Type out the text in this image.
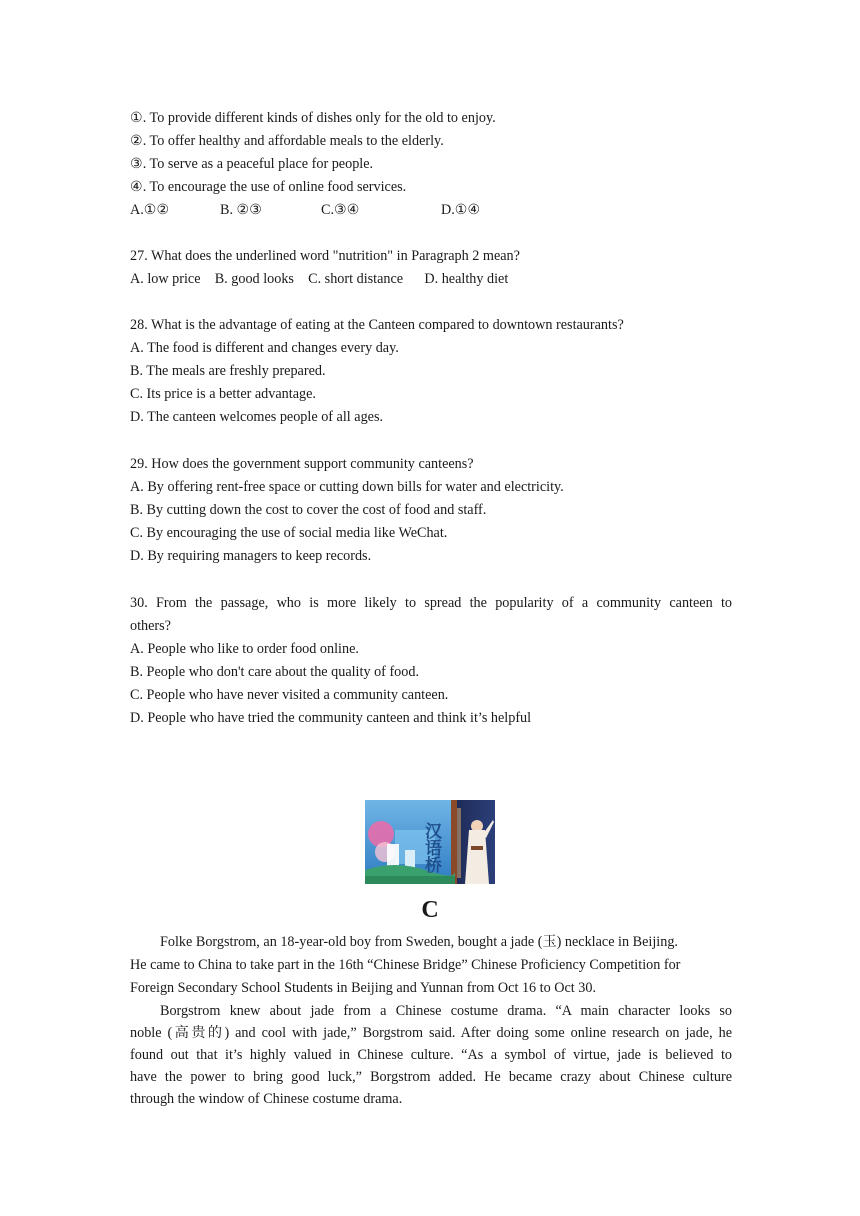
①. To provide different kinds of dishes only for the old to enjoy.
②. To offer healthy and affordable meals to the elderly.
③. To serve as a peaceful place for people.
④. To encourage the use of online food services.
A.①②	B. ②③	C.③④	D.①④
27. What does the underlined word "nutrition" in Paragraph 2 mean?
A. low price    B. good looks    C. short distance      D. healthy diet
28. What is the advantage of eating at the Canteen compared to downtown restaurants?
A. The food is different and changes every day.
B. The meals are freshly prepared.
C. Its price is a better advantage.
D. The canteen welcomes people of all ages.
29. How does the government support community canteens?
A. By offering rent-free space or cutting down bills for water and electricity.
B. By cutting down the cost to cover the cost of food and staff.
C. By encouraging the use of social media like WeChat.
D. By requiring managers to keep records.
30. From the passage, who is more likely to spread the popularity of a community canteen to
others?
A. People who like to order food online.
B. People who don't care about the quality of food.
C. People who have never visited a community canteen.
D. People who have tried the community canteen and think it’s helpful
汉语桥
C
Folke Borgstrom, an 18-year-old boy from Sweden, bought a jade (玉) necklace in Beijing.
He came to China to take part in the 16th “Chinese Bridge” Chinese Proficiency Competition for
Foreign Secondary School Students in Beijing and Yunnan from Oct 16 to Oct 30.
Borgstrom knew about jade from a Chinese costume drama. “A main character looks so
noble (高贵的) and cool with jade,” Borgstrom said. After doing some online research on jade, he
found out that it’s highly valued in Chinese culture. “As a symbol of virtue, jade is believed to
have the power to bring good luck,” Borgstrom added. He became crazy about Chinese culture
through the window of Chinese costume drama.
